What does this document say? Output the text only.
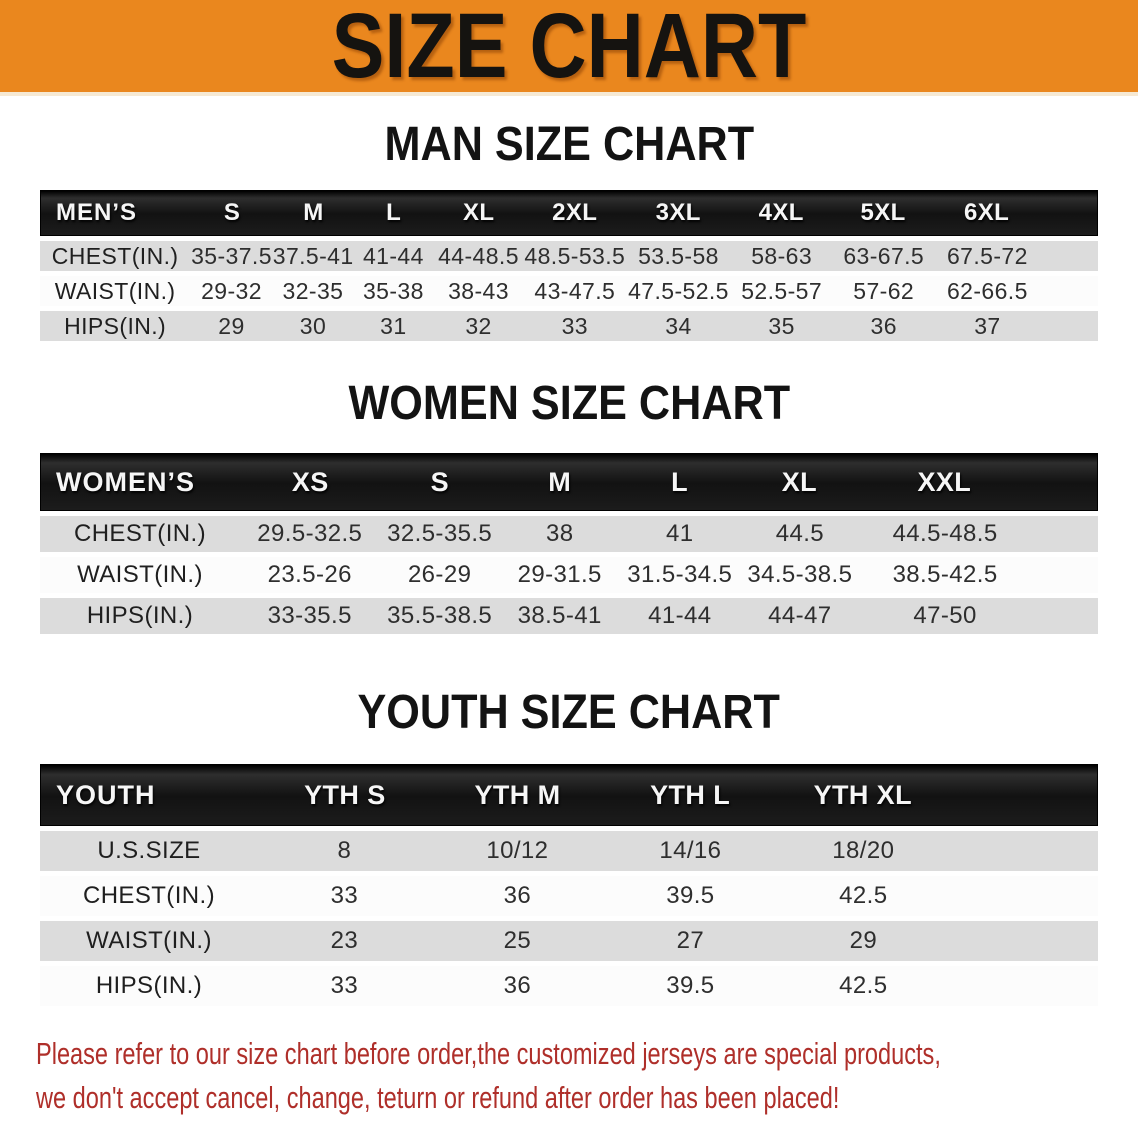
SIZE CHART
MAN SIZE CHART
MEN’S	S	M	L	XL	2XL	3XL	4XL	5XL	6XL
CHEST(IN.) 35-37.5 37.5-41 41-44 44-48.5 48.5-53.5 53.5-58	58-63	63-67.5 67.5-72
WAIST(IN.)	29-32 32-35 35-38	38-43	43-47.5 47.5-52.5 52.5-57	57-62	62-66.5
HIPS(IN.)	29	30	31	32	33	34	35	36	37
WOMEN SIZE CHART
WOMEN’S	XS	S	M	L	XL	XXL
CHEST(IN.)	29.5-32.5	32.5-35.5	38	41	44.5	44.5-48.5
WAIST(IN.)	23.5-26	26-29	29-31.5	31.5-34.5 34.5-38.5	38.5-42.5
HIPS(IN.)	33-35.5	35.5-38.5	38.5-41	41-44	44-47	47-50
YOUTH SIZE CHART
YOUTH	YTH S	YTH M	YTH L	YTH XL
U.S.SIZE	8	10/12	14/16	18/20
CHEST(IN.)	33	36	39.5	42.5
WAIST(IN.)	23	25	27	29
HIPS(IN.)	33	36	39.5	42.5

Please refer to our size chart before order,the customized jerseys are special products,

we don't accept cancel, change, teturn or refund after order has been placed!
